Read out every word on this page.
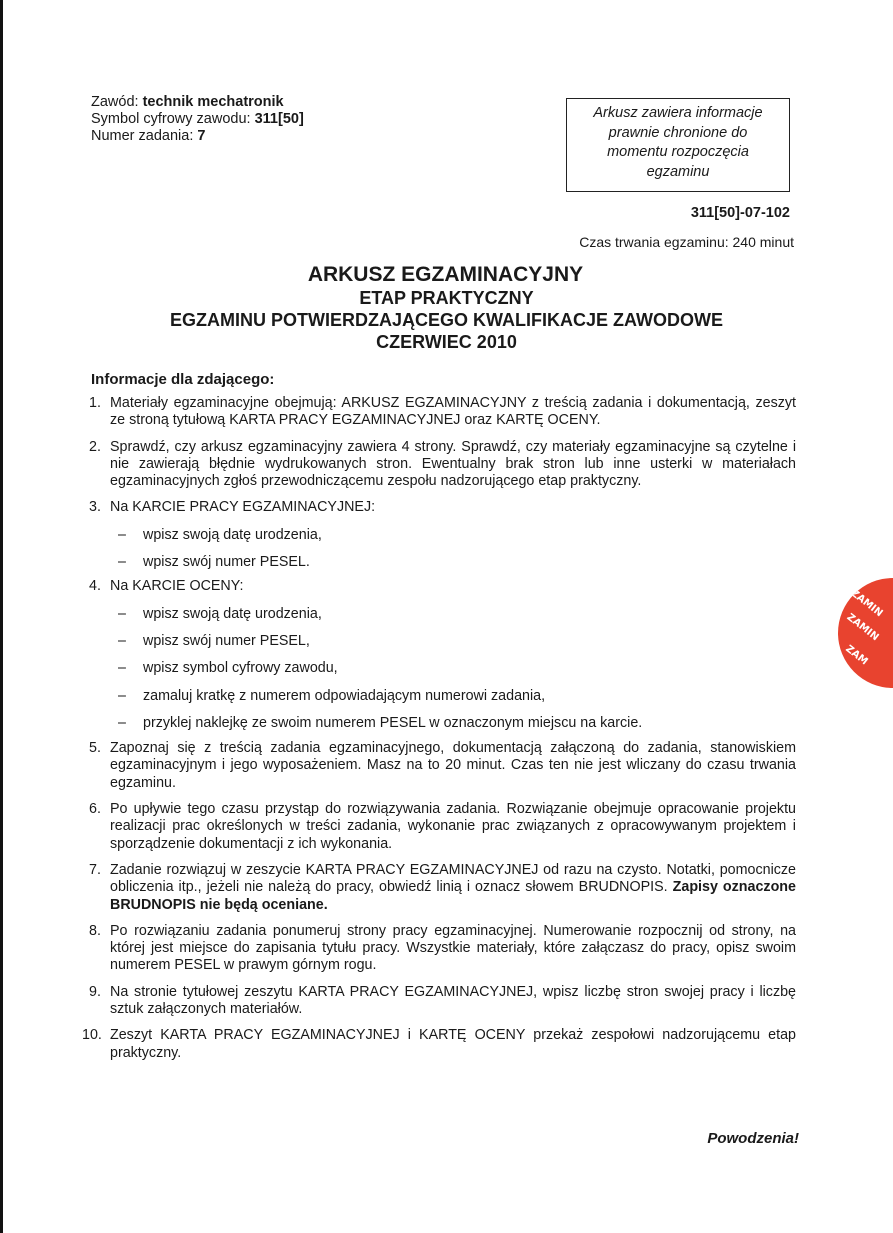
Zawód: technik mechatronik
Symbol cyfrowy zawodu: 311[50]
Numer zadania: 7
Arkusz zawiera informacje
prawnie chronione do
momentu rozpoczęcia
egzaminu
311[50]-07-102
Czas trwania egzaminu: 240 minut
ARKUSZ EGZAMINACYJNY
ETAP PRAKTYCZNY
EGZAMINU POTWIERDZAJĄCEGO KWALIFIKACJE ZAWODOWE
CZERWIEC 2010
Informacje dla zdającego:
1. Materiały egzaminacyjne obejmują: ARKUSZ EGZAMINACYJNY z treścią zadania i dokumentacją, zeszyt ze stroną tytułową KARTA PRACY EGZAMINACYJNEJ oraz KARTĘ OCENY.
2. Sprawdź, czy arkusz egzaminacyjny zawiera 4 strony. Sprawdź, czy materiały egzaminacyjne są czytelne i nie zawierają błędnie wydrukowanych stron. Ewentualny brak stron lub inne usterki w materiałach egzaminacyjnych zgłoś przewodniczącemu zespołu nadzorującego etap praktyczny.
3. Na KARCIE PRACY EGZAMINACYJNEJ:
– wpisz swoją datę urodzenia,
– wpisz swój numer PESEL.
4. Na KARCIE OCENY:
– wpisz swoją datę urodzenia,
– wpisz swój numer PESEL,
– wpisz symbol cyfrowy zawodu,
– zamaluj kratkę z numerem odpowiadającym numerowi zadania,
– przyklej naklejkę ze swoim numerem PESEL w oznaczonym miejscu na karcie.
5. Zapoznaj się z treścią zadania egzaminacyjnego, dokumentacją załączoną do zadania, stanowiskiem egzaminacyjnym i jego wyposażeniem. Masz na to 20 minut. Czas ten nie jest wliczany do czasu trwania egzaminu.
6. Po upływie tego czasu przystąp do rozwiązywania zadania. Rozwiązanie obejmuje opracowanie projektu realizacji prac określonych w treści zadania, wykonanie prac związanych z opracowywanym projektem i sporządzenie dokumentacji z ich wykonania.
7. Zadanie rozwiązuj w zeszycie KARTA PRACY EGZAMINACYJNEJ od razu na czysto. Notatki, pomocnicze obliczenia itp., jeżeli nie należą do pracy, obwiedź linią i oznacz słowem BRUDNOPIS. Zapisy oznaczone BRUDNOPIS nie będą oceniane.
8. Po rozwiązaniu zadania ponumeruj strony pracy egzaminacyjnej. Numerowanie rozpocznij od strony, na której jest miejsce do zapisania tytułu pracy. Wszystkie materiały, które załączasz do pracy, opisz swoim numerem PESEL w prawym górnym rogu.
9. Na stronie tytułowej zeszytu KARTA PRACY EGZAMINACYJNEJ, wpisz liczbę stron swojej pracy i liczbę sztuk załączonych materiałów.
10. Zeszyt KARTA PRACY EGZAMINACYJNEJ i KARTĘ OCENY przekaż zespołowi nadzorującemu etap praktyczny.
Powodzenia!
ZAMIN
ZAMIN
ZAM
